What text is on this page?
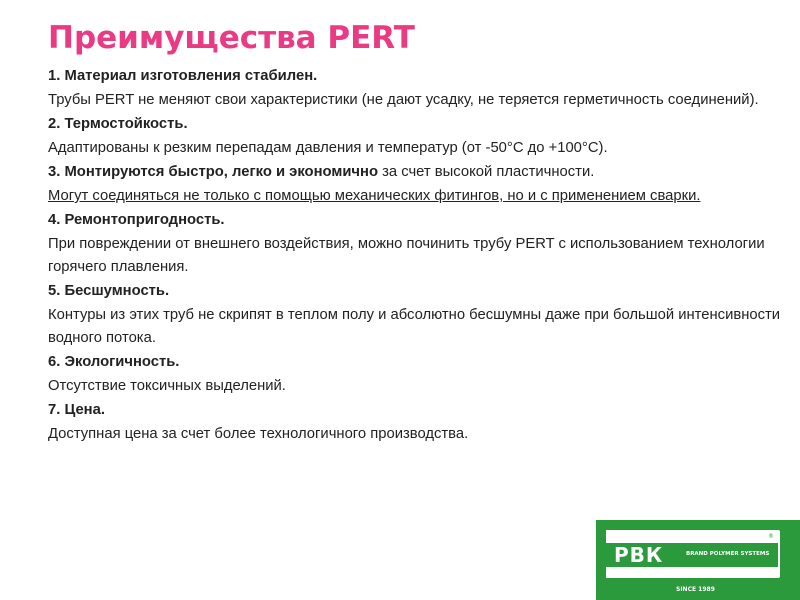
Преимущества PERT

1. Материал изготовления стабилен.

Трубы PERT не меняют свои характеристики (не дают усадку, не теряется герметичность соединений).

2. Термостойкость.

Адаптированы к резким перепадам давления и температур (от -50°С до +100°С).

3. Монтируются быстро, легко и экономично за счет высокой пластичности.

Могут соединяться не только с помощью механических фитингов, но и с применением сварки.

4. Ремонтопригодность.

При повреждении от внешнего воздействия, можно починить трубу PERT с использованием технологии горячего плавления.

5. Бесшумность.

Контуры из этих труб не скрипят в теплом полу и абсолютно бесшумны даже при большой интенсивности водного потока.

6. Экологичность.

Отсутствие токсичных выделений.

7. Цена.

Доступная цена за счет более технологичного производства.

®
РВК	BRAND POLYMER SYSTEMS
SINCE 1989
